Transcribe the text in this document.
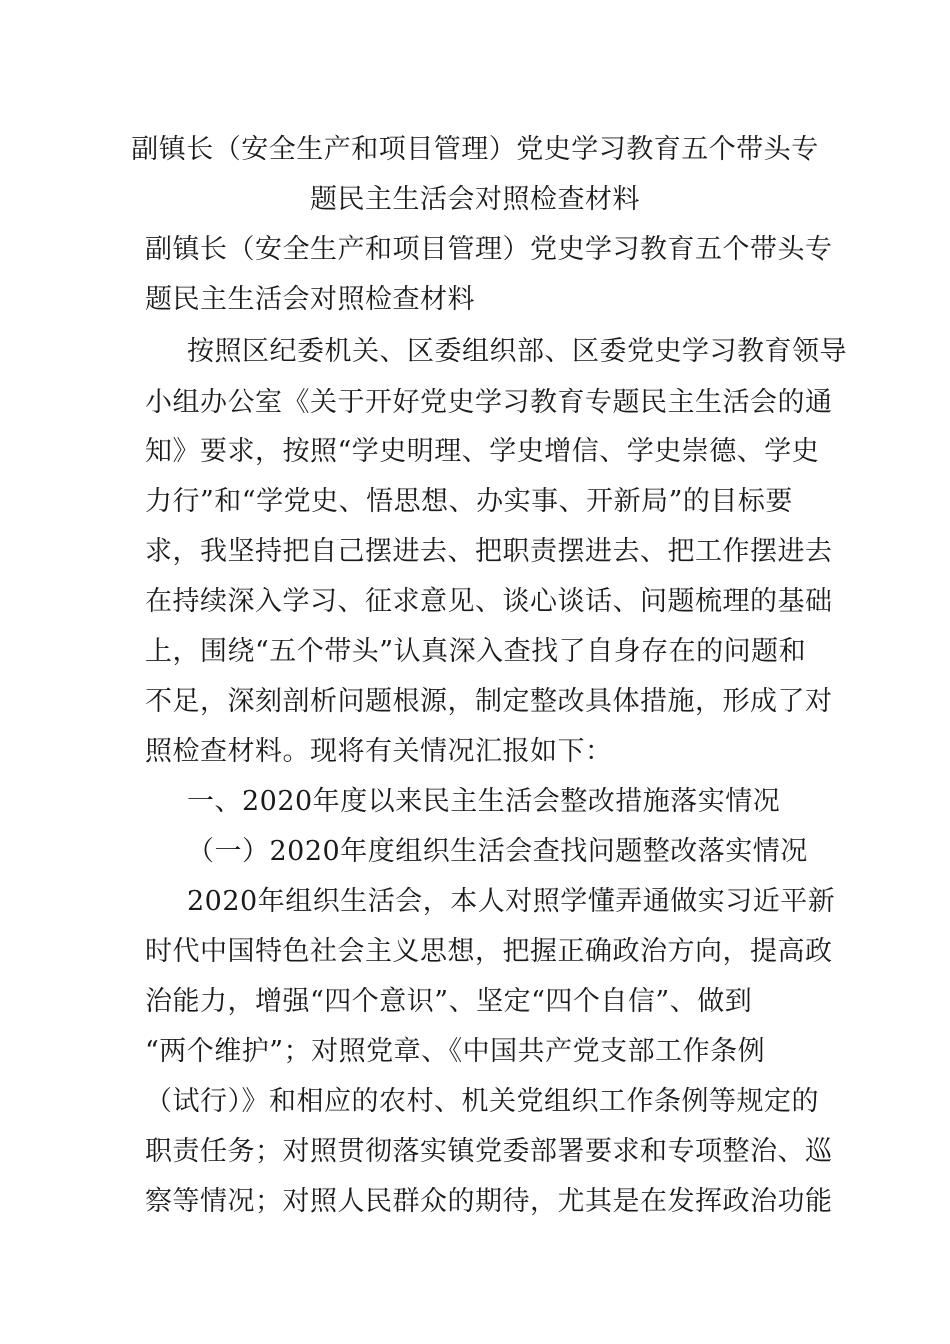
副镇长（安全生产和项目管理）党史学习教育五个带头专
题民主生活会对照检查材料
副镇长（安全生产和项目管理）党史学习教育五个带头专
题民主生活会对照检查材料
按照区纪委机关、区委组织部、区委党史学习教育领导
小组办公室《关于开好党史学习教育专题民主生活会的通
知》要求，按照“学史明理、学史增信、学史崇德、学史
力行”和“学党史、悟思想、办实事、开新局”的目标要
求，我坚持把自己摆进去、把职责摆进去、把工作摆进去
在持续深入学习、征求意见、谈心谈话、问题梳理的基础
上，围绕“五个带头”认真深入查找了自身存在的问题和
不足，深刻剖析问题根源，制定整改具体措施，形成了对
照检查材料。现将有关情况汇报如下：
一、2020年度以来民主生活会整改措施落实情况
（一）2020年度组织生活会查找问题整改落实情况
2020年组织生活会，本人对照学懂弄通做实习近平新
时代中国特色社会主义思想，把握正确政治方向，提高政
治能力，增强“四个意识”、坚定“四个自信”、做到
“两个维护”；对照党章、《中国共产党支部工作条例
（试行）》和相应的农村、机关党组织工作条例等规定的
职责任务；对照贯彻落实镇党委部署要求和专项整治、巡
察等情况；对照人民群众的期待，尤其是在发挥政治功能
